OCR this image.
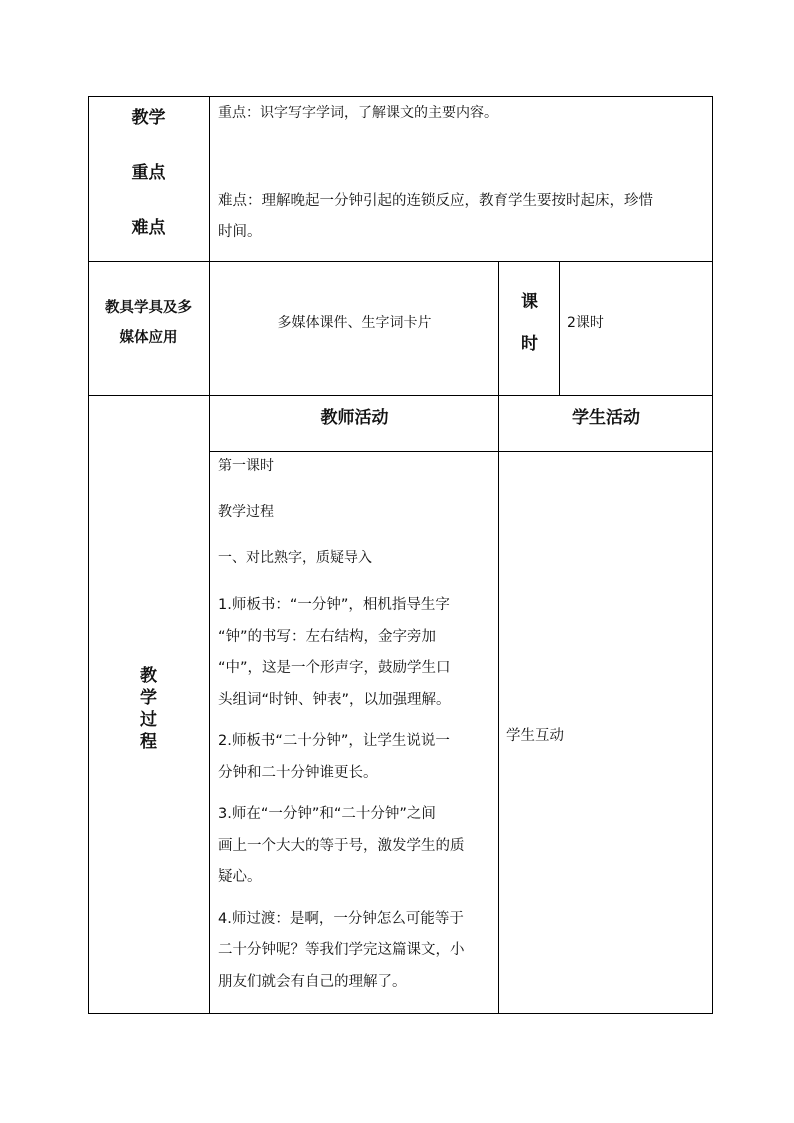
教学
重点
难点
重点：识字写字学词，了解课文的主要内容。
难点：理解晚起一分钟引起的连锁反应，教育学生要按时起床，珍惜
时间。
教具学具及多
媒体应用
多媒体课件、生字词卡片
课
时
2课时
教
学
过
程
教师活动	学生活动
第一课时
教学过程
一、对比熟字，质疑导入
1.师板书：“一分钟”，相机指导生字
“钟”的书写：左右结构，金字旁加
“中”，这是一个形声字，鼓励学生口
头组词“时钟、钟表”，以加强理解。
2.师板书“二十分钟”，让学生说说一
分钟和二十分钟谁更长。
3.师在“一分钟”和“二十分钟”之间
画上一个大大的等于号，激发学生的质
疑心。
4.师过渡：是啊，一分钟怎么可能等于
二十分钟呢？等我们学完这篇课文，小
朋友们就会有自己的理解了。
学生互动
